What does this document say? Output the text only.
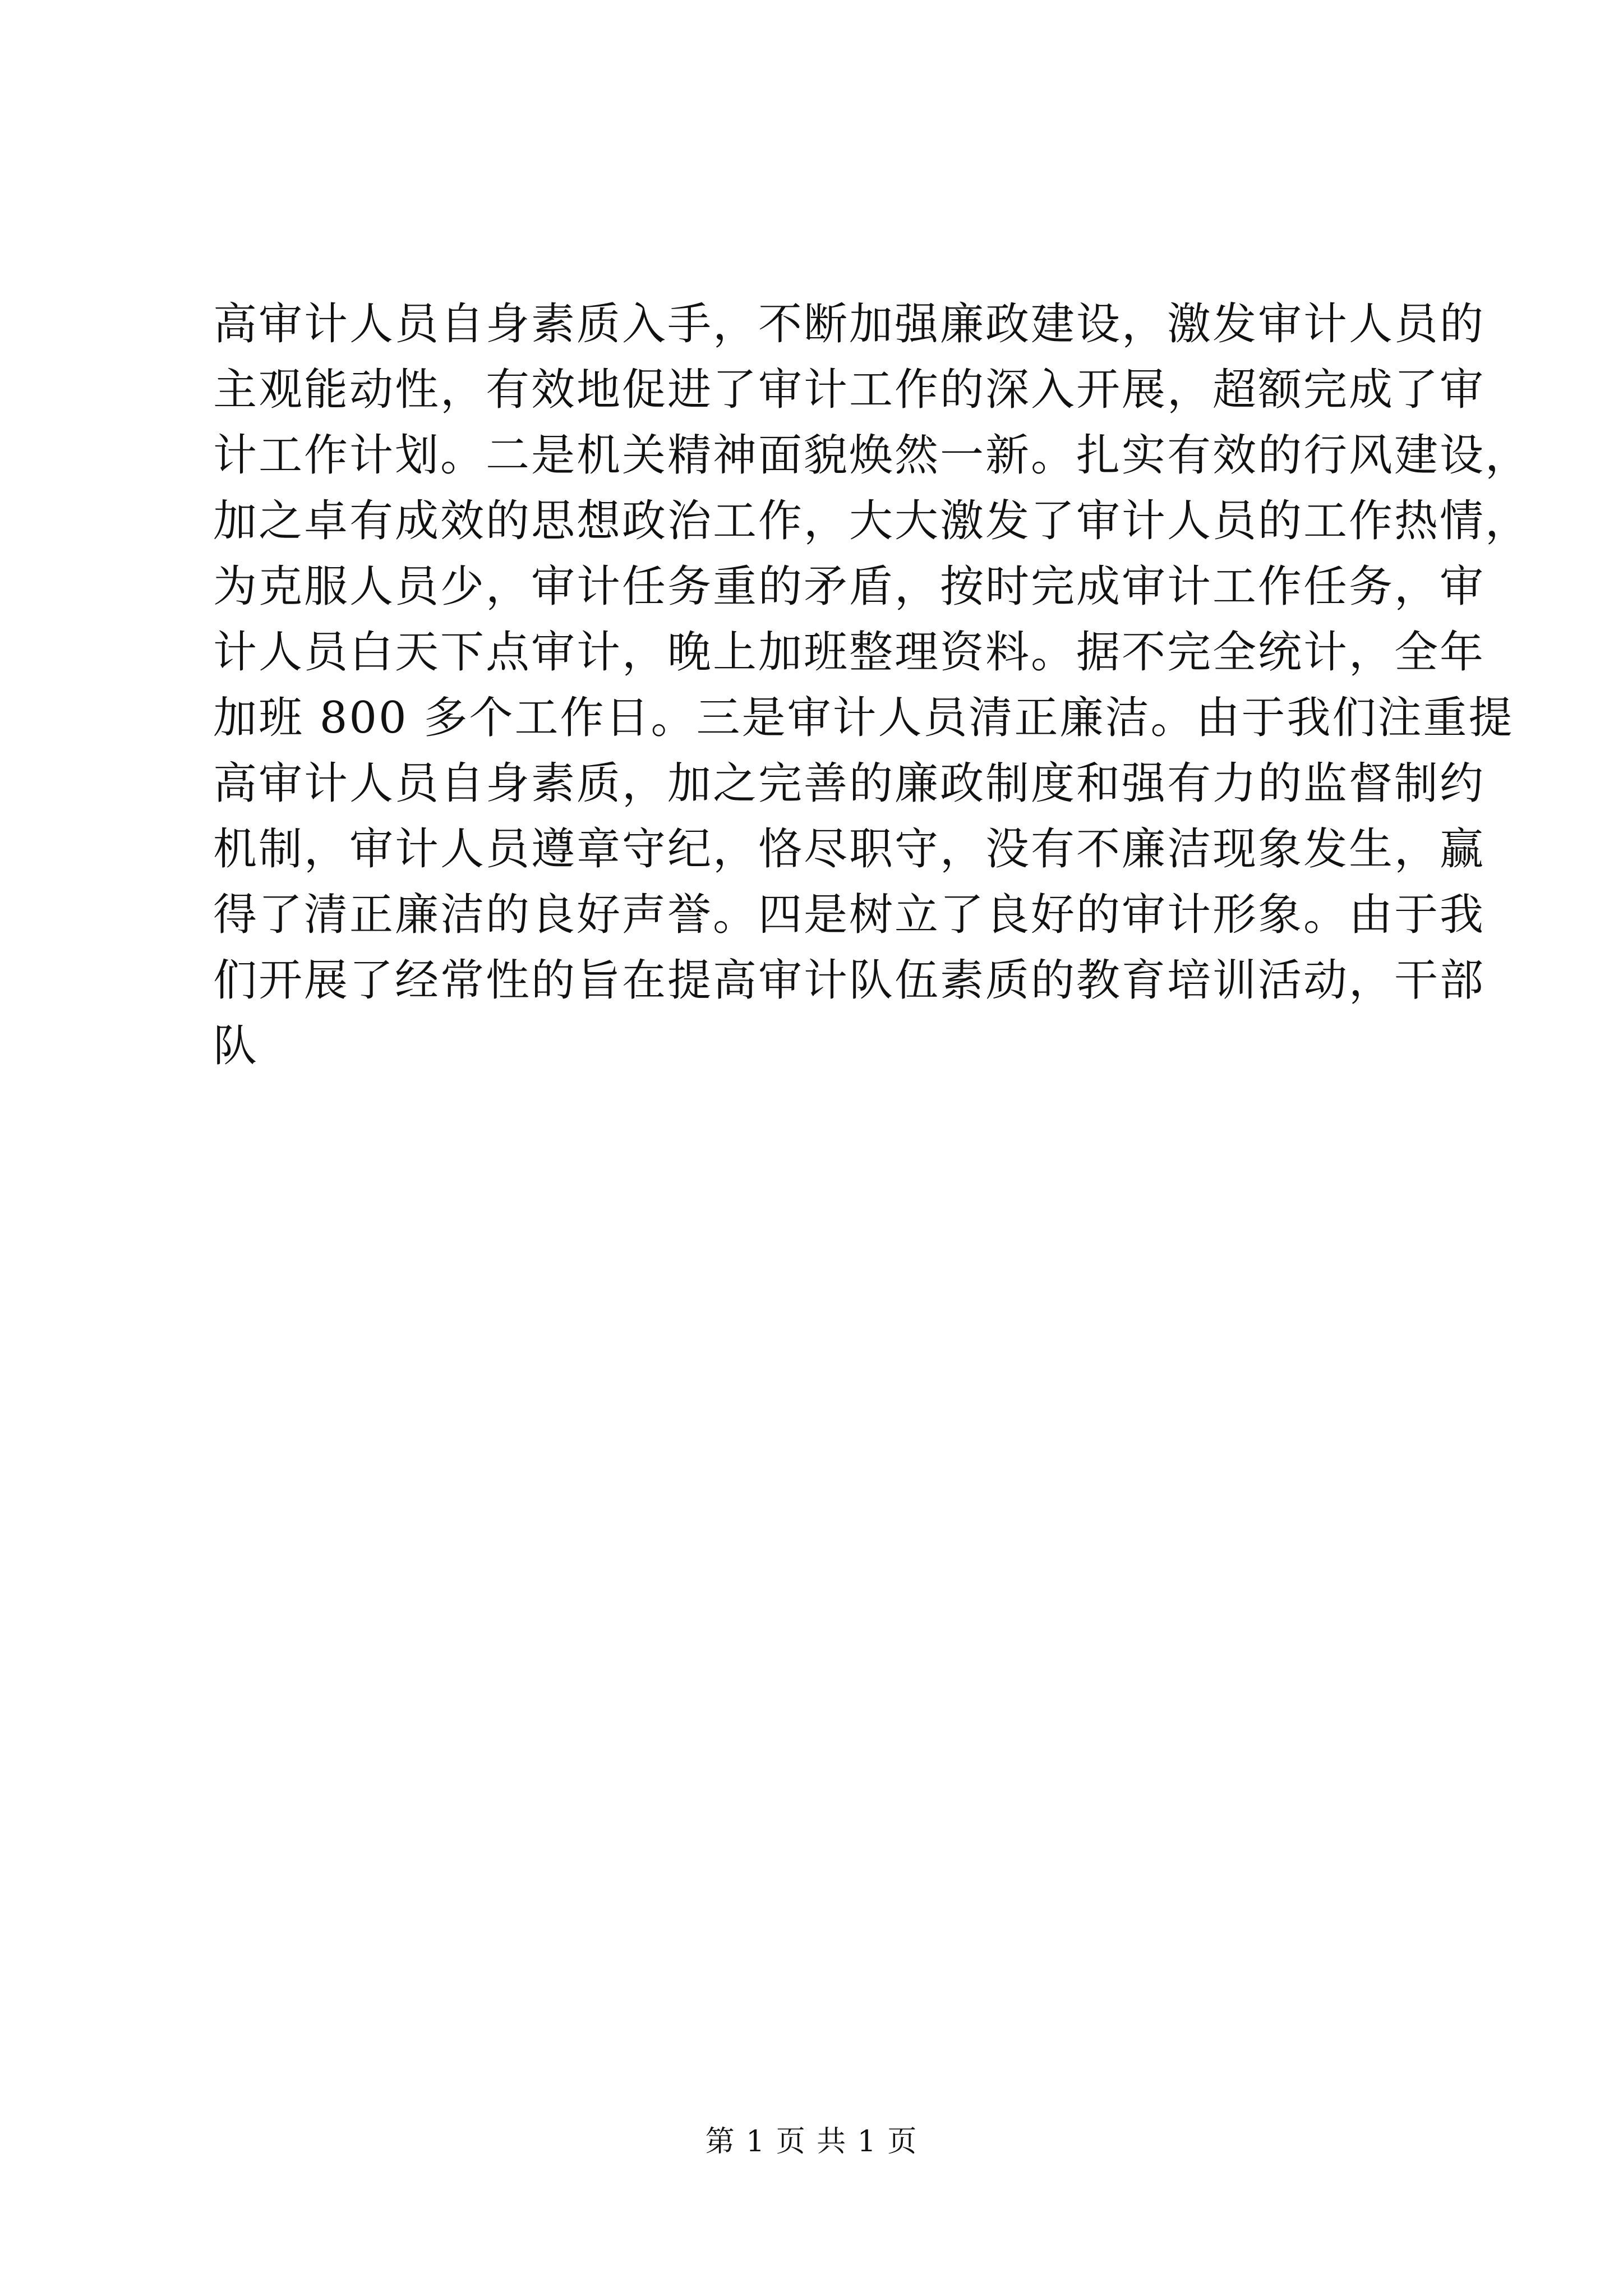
高审计人员自身素质入手，不断加强廉政建设，激发审计人员的
主观能动性，有效地促进了审计工作的深入开展，超额完成了审
计工作计划。二是机关精神面貌焕然一新。扎实有效的行风建设，
加之卓有成效的思想政治工作，大大激发了审计人员的工作热情，
为克服人员少，审计任务重的矛盾，按时完成审计工作任务，审
计人员白天下点审计，晚上加班整理资料。据不完全统计，全年
加班 800 多个工作日。三是审计人员清正廉洁。由于我们注重提
高审计人员自身素质，加之完善的廉政制度和强有力的监督制约
机制，审计人员遵章守纪，恪尽职守，没有不廉洁现象发生，赢
得了清正廉洁的良好声誉。四是树立了良好的审计形象。由于我
们开展了经常性的旨在提高审计队伍素质的教育培训活动，干部
队
第 1 页 共 1 页
